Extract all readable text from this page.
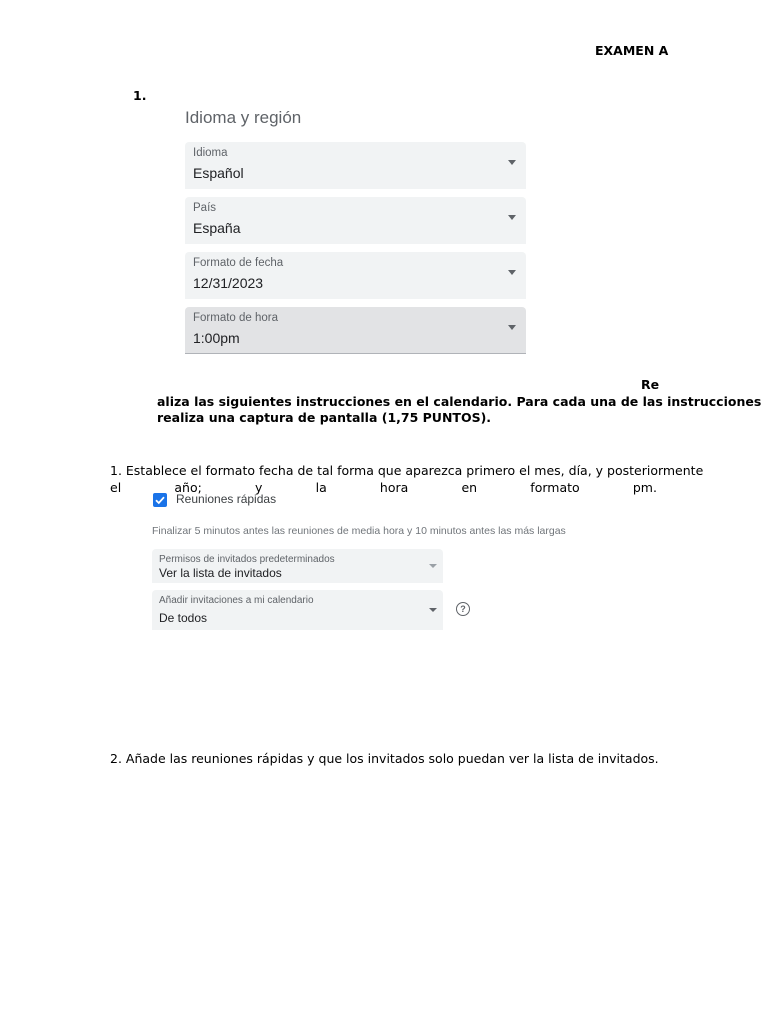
EXAMEN A
1.
Idioma y región
Idioma
Español
País
España
Formato de fecha
12/31/2023
Formato de hora
1:00pm
Re
aliza las siguientes instrucciones en el calendario. Para cada una de las instrucciones
realiza una captura de pantalla (1,75 PUNTOS).
1. Establece el formato fecha de tal forma que aparezca primero el mes, día, y posteriormente
el	año;	y	la	hora	en	formato	pm.
Reuniones rápidas
Finalizar 5 minutos antes las reuniones de media hora y 10 minutos antes las más largas
Permisos de invitados predeterminados
Ver la lista de invitados
Añadir invitaciones a mi calendario
De todos
?
2. Añade las reuniones rápidas y que los invitados solo puedan ver la lista de invitados.
